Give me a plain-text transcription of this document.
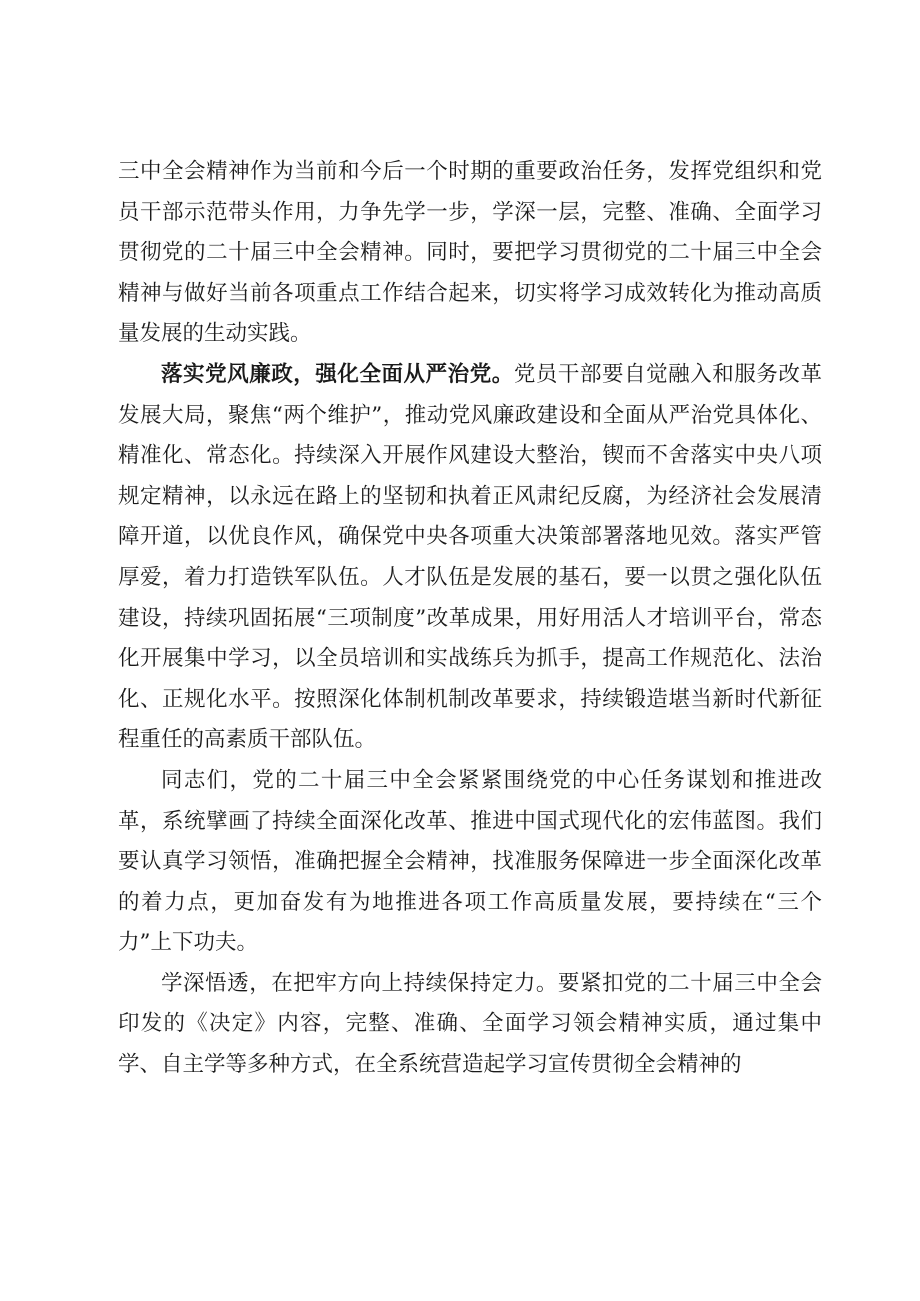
三中全会精神作为当前和今后一个时期的重要政治任务，发挥党组织和党员干部示范带头作用，力争先学一步，学深一层，完整、准确、全面学习贯彻党的二十届三中全会精神。同时，要把学习贯彻党的二十届三中全会精神与做好当前各项重点工作结合起来，切实将学习成效转化为推动高质量发展的生动实践。

落实党风廉政，强化全面从严治党。党员干部要自觉融入和服务改革发展大局，聚焦“两个维护”，推动党风廉政建设和全面从严治党具体化、精准化、常态化。持续深入开展作风建设大整治，锲而不舍落实中央八项规定精神，以永远在路上的坚韧和执着正风肃纪反腐，为经济社会发展清障开道，以优良作风，确保党中央各项重大决策部署落地见效。落实严管厚爱，着力打造铁军队伍。人才队伍是发展的基石，要一以贯之强化队伍建设，持续巩固拓展“三项制度”改革成果，用好用活人才培训平台，常态化开展集中学习，以全员培训和实战练兵为抓手，提高工作规范化、法治化、正规化水平。按照深化体制机制改革要求，持续锻造堪当新时代新征程重任的高素质干部队伍。

同志们，党的二十届三中全会紧紧围绕党的中心任务谋划和推进改革，系统擘画了持续全面深化改革、推进中国式现代化的宏伟蓝图。我们要认真学习领悟，准确把握全会精神，找准服务保障进一步全面深化改革的着力点，更加奋发有为地推进各项工作高质量发展，要持续在“三个力”上下功夫。

学深悟透，在把牢方向上持续保持定力。要紧扣党的二十届三中全会印发的《决定》内容，完整、准确、全面学习领会精神实质，通过集中学、自主学等多种方式，在全系统营造起学习宣传贯彻全会精神的
